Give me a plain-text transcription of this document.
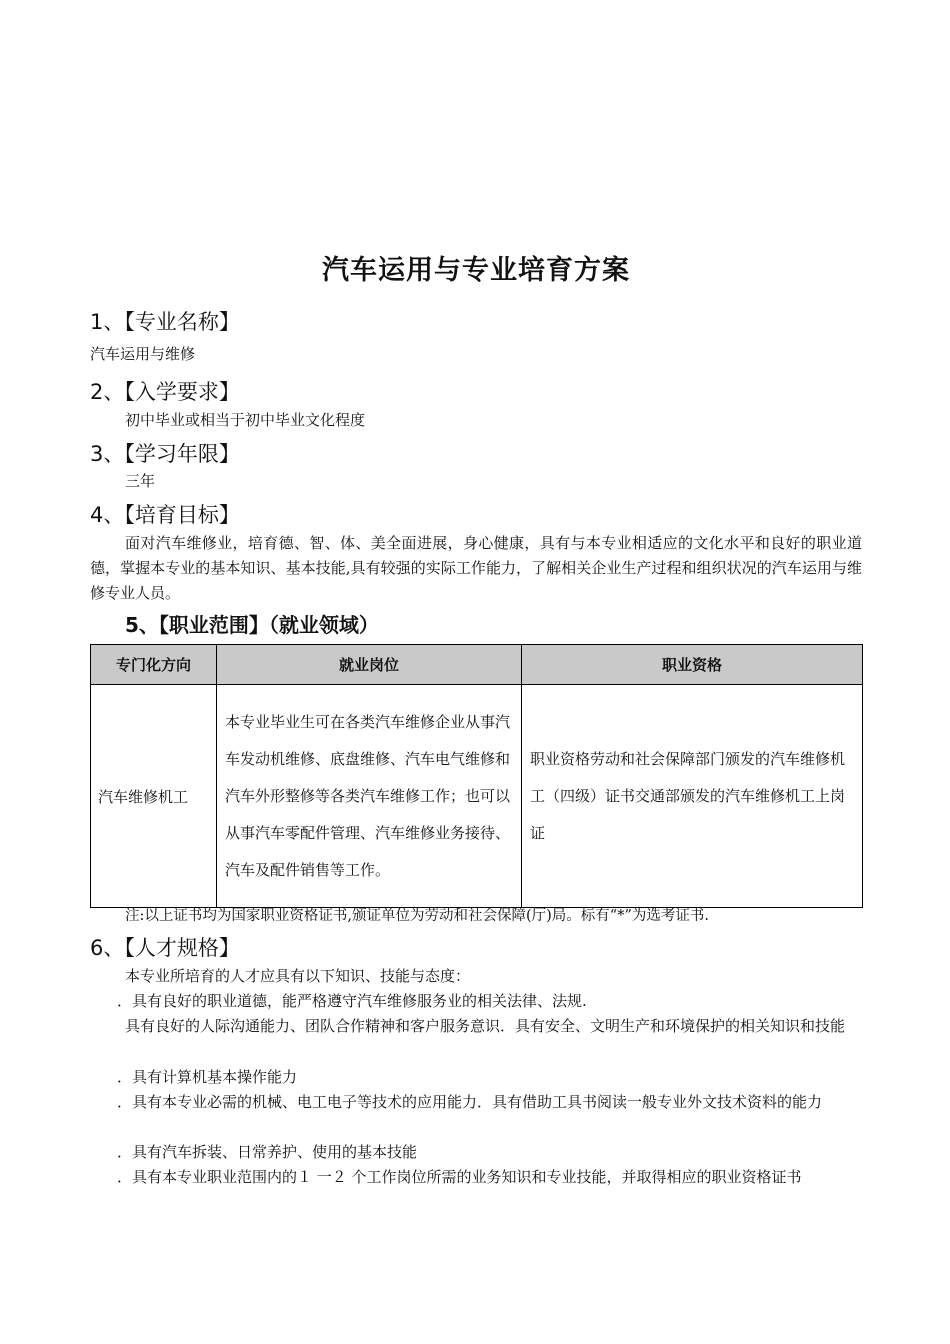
汽车运用与专业培育方案
1、【专业名称】
汽车运用与维修
2、【入学要求】
初中毕业或相当于初中毕业文化程度
3、【学习年限】
三年
4、【培育目标】
面对汽车维修业，培育德、智、体、美全面进展，身心健康，具有与本专业相适应的文化水平和良好的职业道德，掌握本专业的基本知识、基本技能,具有较强的实际工作能力，了解相关企业生产过程和组织状况的汽车运用与维修专业人员。
5、【职业范围】（就业领域）
专门化方向	就业岗位	职业资格
汽车维修机工	本专业毕业生可在各类汽车维修企业从事汽车发动机维修、底盘维修、汽车电气维修和汽车外形整修等各类汽车维修工作；也可以从事汽车零配件管理、汽车维修业务接待、汽车及配件销售等工作。	职业资格劳动和社会保障部门颁发的汽车维修机工（四级）证书交通部颁发的汽车维修机工上岗证
注:以上证书均为国家职业资格证书,颁证单位为劳动和社会保障(厅)局。标有“*”为选考证书.
6、【人才规格】
本专业所培育的人才应具有以下知识、技能与态度：
．具有良好的职业道德，能严格遵守汽车维修服务业的相关法律、法规.
具有良好的人际沟通能力、团队合作精神和客户服务意识．具有安全、文明生产和环境保护的相关知识和技能
．具有计算机基本操作能力
．具有本专业必需的机械、电工电子等技术的应用能力．具有借助工具书阅读一般专业外文技术资料的能力
．具有汽车拆装、日常养护、使用的基本技能
．具有本专业职业范围内的１ 一２ 个工作岗位所需的业务知识和专业技能，并取得相应的职业资格证书
